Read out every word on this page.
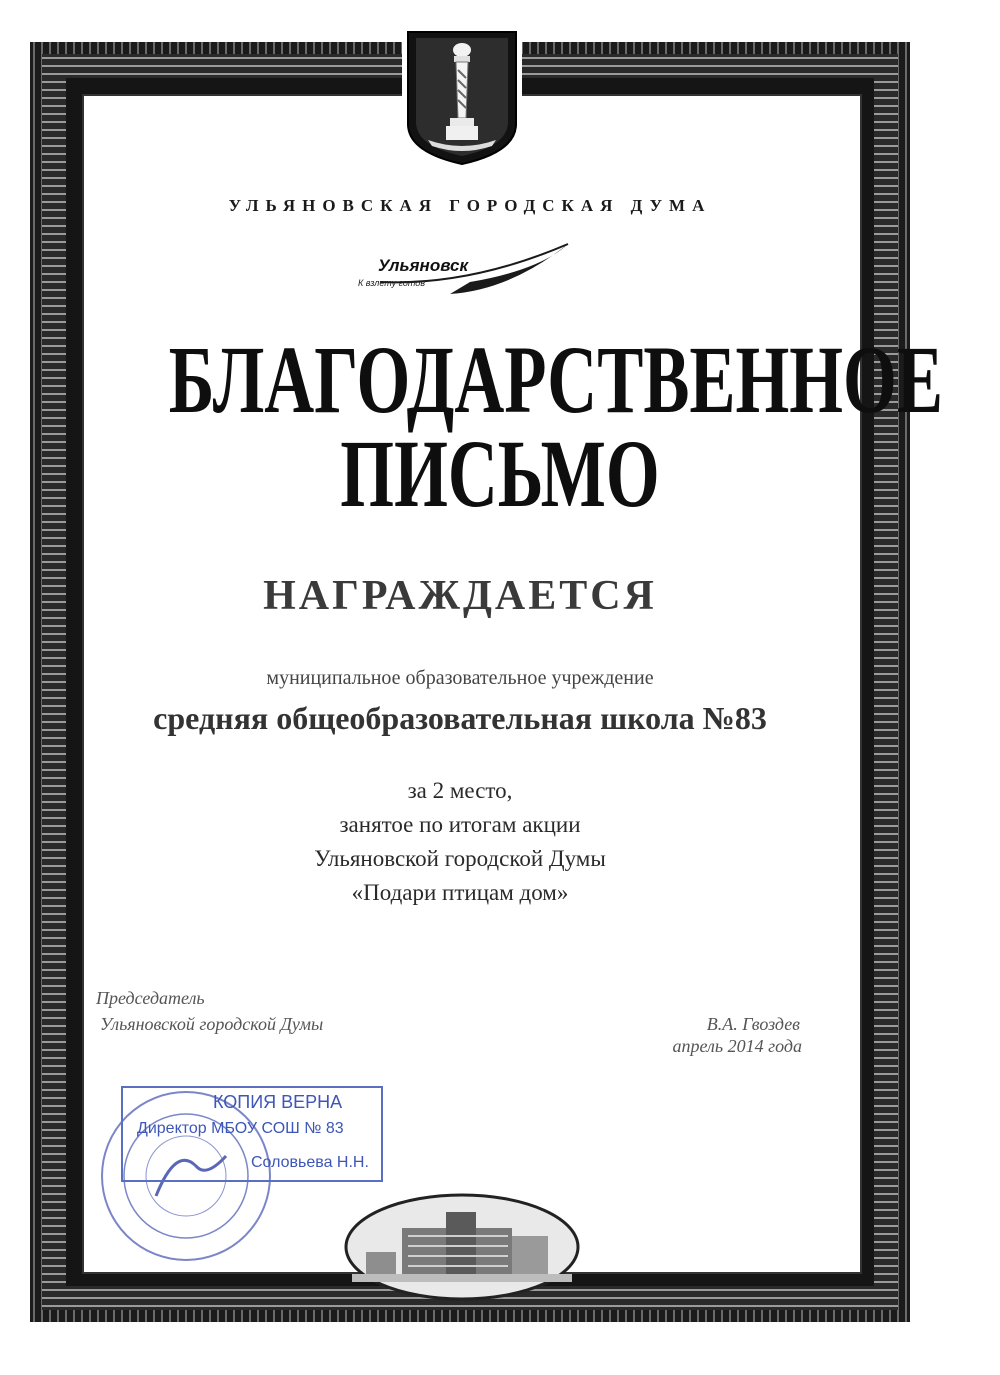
УЛЬЯНОВСКАЯ ГОРОДСКАЯ ДУМА
Ульяновск
К взлету готов
БЛАГОДАРСТВЕННОЕ
ПИСЬМО
НАГРАЖДАЕТСЯ
муниципальное образовательное учреждение
средняя общеобразовательная школа №83
за 2 место,
занятое по итогам акции
Ульяновской городской Думы
«Подари птицам дом»
Председатель
Ульяновской городской Думы	В.А. Гвоздев
апрель 2014 года
КОПИЯ ВЕРНА
Директор МБОУ СОШ № 83
Соловьева Н.Н.
